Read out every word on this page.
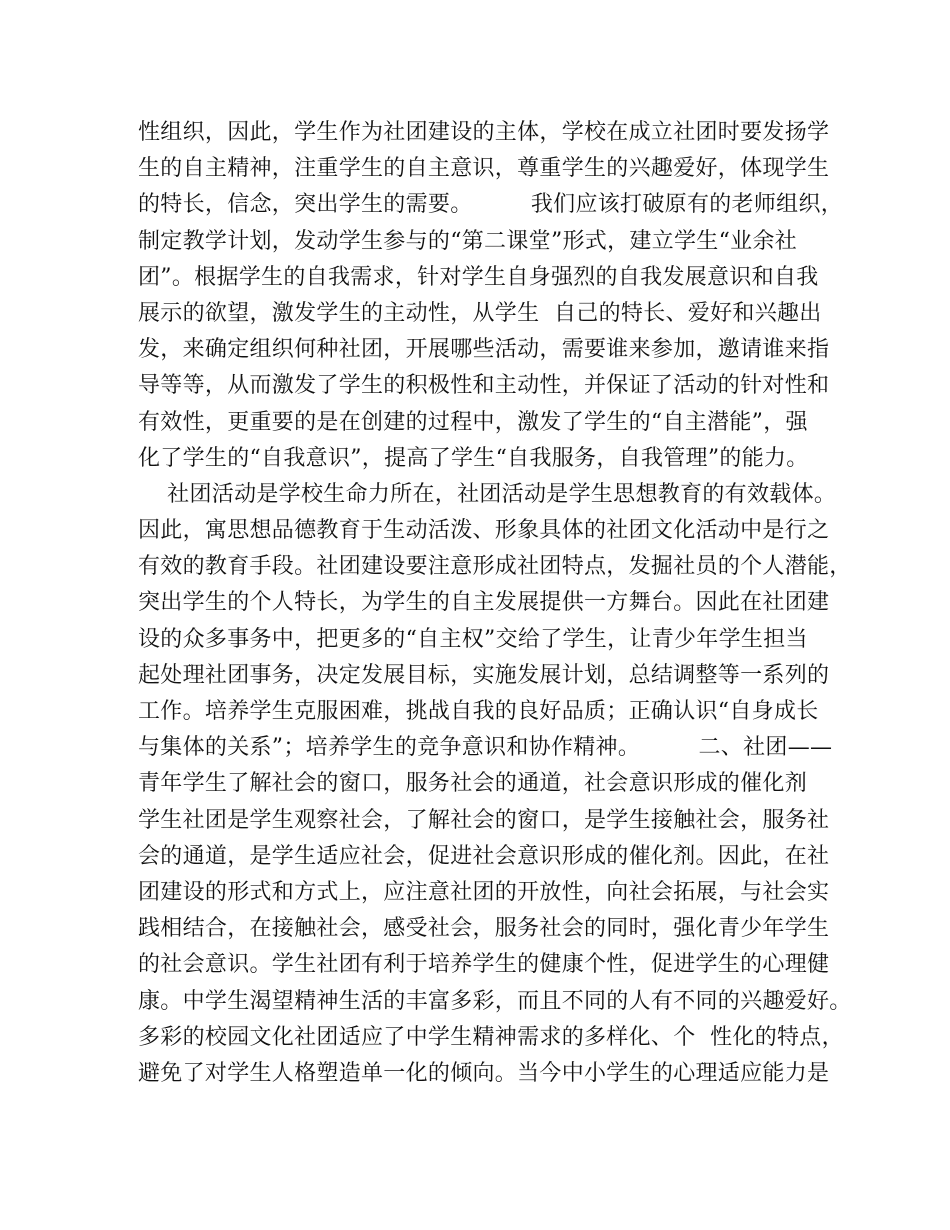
性组织，因此，学生作为社团建设的主体，学校在成立社团时要发扬学
生的自主精神，注重学生的自主意识，尊重学生的兴趣爱好，体现学生
的特长，信念，突出学生的需要。        我们应该打破原有的老师组织，
制定教学计划，发动学生参与的“第二课堂”形式，建立学生“业余社
团”。根据学生的自我需求，针对学生自身强烈的自我发展意识和自我
展示的欲望，激发学生的主动性，从学生  自己的特长、爱好和兴趣出
发，来确定组织何种社团，开展哪些活动，需要谁来参加，邀请谁来指
导等等，从而激发了学生的积极性和主动性，并保证了活动的针对性和
有效性，更重要的是在创建的过程中，激发了学生的“自主潜能”，强
化了学生的“自我意识”，提高了学生“自我服务，自我管理”的能力。
社团活动是学校生命力所在，社团活动是学生思想教育的有效载体。
因此，寓思想品德教育于生动活泼、形象具体的社团文化活动中是行之
有效的教育手段。社团建设要注意形成社团特点，发掘社员的个人潜能，
突出学生的个人特长，为学生的自主发展提供一方舞台。因此在社团建
设的众多事务中，把更多的“自主权”交给了学生，让青少年学生担当
起处理社团事务，决定发展目标，实施发展计划，总结调整等一系列的
工作。培养学生克服困难，挑战自我的良好品质；正确认识“自身成长
与集体的关系”；培养学生的竞争意识和协作精神。        二、社团——
青年学生了解社会的窗口，服务社会的通道，社会意识形成的催化剂
学生社团是学生观察社会，了解社会的窗口，是学生接触社会，服务社
会的通道，是学生适应社会，促进社会意识形成的催化剂。因此，在社
团建设的形式和方式上，应注意社团的开放性，向社会拓展，与社会实
践相结合，在接触社会，感受社会，服务社会的同时，强化青少年学生
的社会意识。学生社团有利于培养学生的健康个性，促进学生的心理健
康。中学生渴望精神生活的丰富多彩，而且不同的人有不同的兴趣爱好。
多彩的校园文化社团适应了中学生精神需求的多样化、个  性化的特点，
避免了对学生人格塑造单一化的倾向。当今中小学生的心理适应能力是
